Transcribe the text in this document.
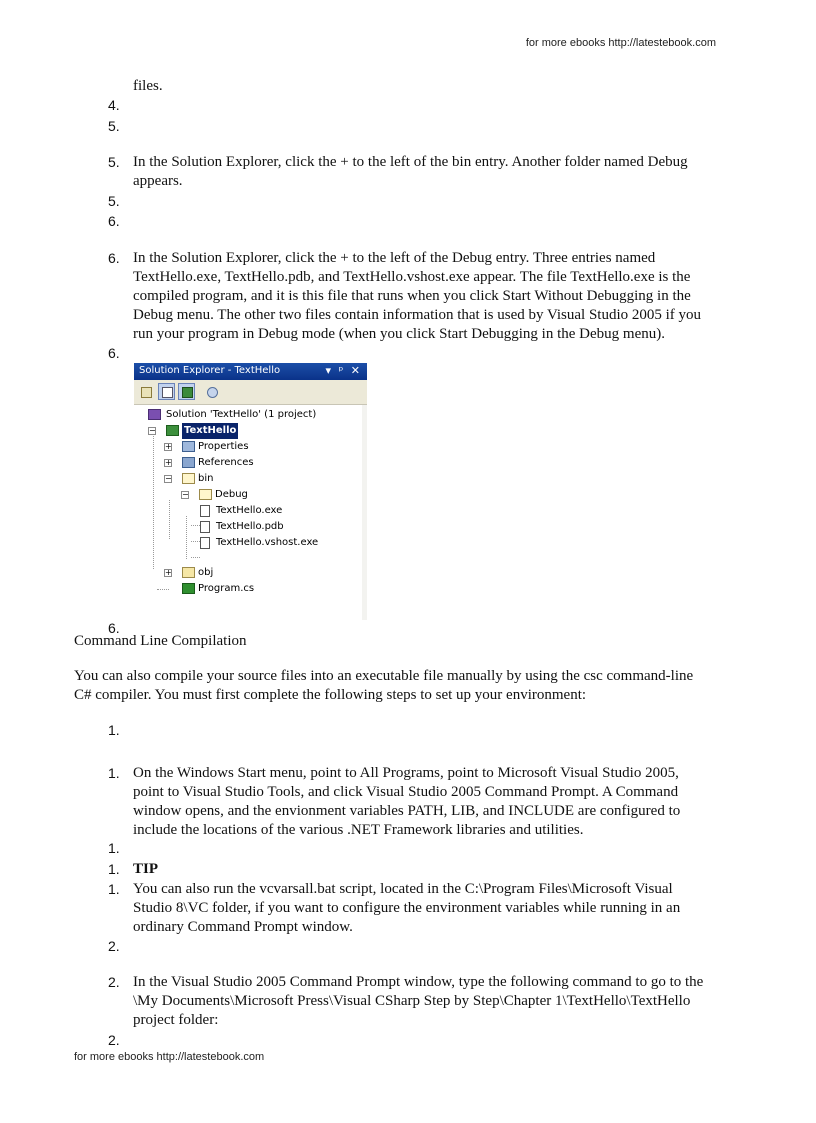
for more ebooks http://latestebook.com
for more ebooks http://latestebook.com
files.
4.
5.
5. In the Solution Explorer, click the + to the left of the bin entry. Another folder named Debug
appears.
5.
6.
6. In the Solution Explorer, click the + to the left of the Debug entry. Three entries named
TextHello.exe, TextHello.pdb, and TextHello.vshost.exe appear. The file TextHello.exe is the
compiled program, and it is this file that runs when you click Start Without Debugging in the
Debug menu. The other two files contain information that is used by Visual Studio 2005 if you
run your program in Debug mode (when you click Start Debugging in the Debug menu).
6.
Solution Explorer - TextHello	▾ ᵖ ✕
Solution 'TextHello' (1 project)
−	TextHello
+	Properties
+	References
−	bin
−	Debug
TextHello.exe
TextHello.pdb
TextHello.vshost.exe
+	obj
Program.cs
6.
Command Line Compilation
You can also compile your source files into an executable file manually by using the csc command-line
C# compiler. You must first complete the following steps to set up your environment:
1.
1. On the Windows Start menu, point to All Programs, point to Microsoft Visual Studio 2005,
point to Visual Studio Tools, and click Visual Studio 2005 Command Prompt. A Command
window opens, and the envionment variables PATH, LIB, and INCLUDE are configured to
include the locations of the various .NET Framework libraries and utilities.
1.
1. TIP
1. You can also run the vcvarsall.bat script, located in the C:\Program Files\Microsoft Visual
Studio 8\VC folder, if you want to configure the environment variables while running in an
ordinary Command Prompt window.
2.
2. In the Visual Studio 2005 Command Prompt window, type the following command to go to the
\My Documents\Microsoft Press\Visual CSharp Step by Step\Chapter 1\TextHello\TextHello
project folder:
2.
